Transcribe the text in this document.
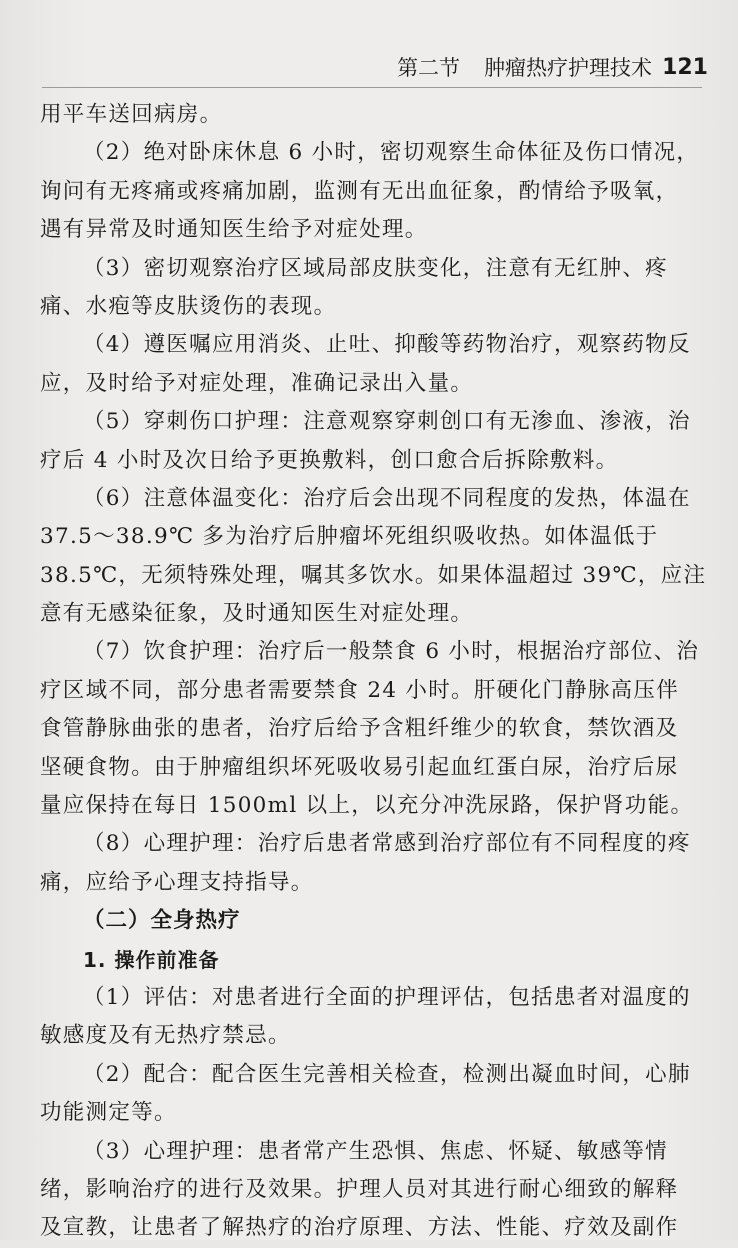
第二节 肿瘤热疗护理技术 121
用平车送回病房。
（2）绝对卧床休息 6 小时，密切观察生命体征及伤口情况，
询问有无疼痛或疼痛加剧，监测有无出血征象，酌情给予吸氧，
遇有异常及时通知医生给予对症处理。
（3）密切观察治疗区域局部皮肤变化，注意有无红肿、疼
痛、水疱等皮肤烫伤的表现。
（4）遵医嘱应用消炎、止吐、抑酸等药物治疗，观察药物反
应，及时给予对症处理，准确记录出入量。
（5）穿刺伤口护理：注意观察穿刺创口有无渗血、渗液，治
疗后 4 小时及次日给予更换敷料，创口愈合后拆除敷料。
（6）注意体温变化：治疗后会出现不同程度的发热，体温在
37.5～38.9℃ 多为治疗后肿瘤坏死组织吸收热。如体温低于
38.5℃，无须特殊处理，嘱其多饮水。如果体温超过 39℃，应注
意有无感染征象，及时通知医生对症处理。
（7）饮食护理：治疗后一般禁食 6 小时，根据治疗部位、治
疗区域不同，部分患者需要禁食 24 小时。肝硬化门静脉高压伴
食管静脉曲张的患者，治疗后给予含粗纤维少的软食，禁饮酒及
坚硬食物。由于肿瘤组织坏死吸收易引起血红蛋白尿，治疗后尿
量应保持在每日 1500ml 以上，以充分冲洗尿路，保护肾功能。
（8）心理护理：治疗后患者常感到治疗部位有不同程度的疼
痛，应给予心理支持指导。
（二）全身热疗
1. 操作前准备
（1）评估：对患者进行全面的护理评估，包括患者对温度的
敏感度及有无热疗禁忌。
（2）配合：配合医生完善相关检查，检测出凝血时间，心肺
功能测定等。
（3）心理护理：患者常产生恐惧、焦虑、怀疑、敏感等情
绪，影响治疗的进行及效果。护理人员对其进行耐心细致的解释
及宣教，让患者了解热疗的治疗原理、方法、性能、疗效及副作
